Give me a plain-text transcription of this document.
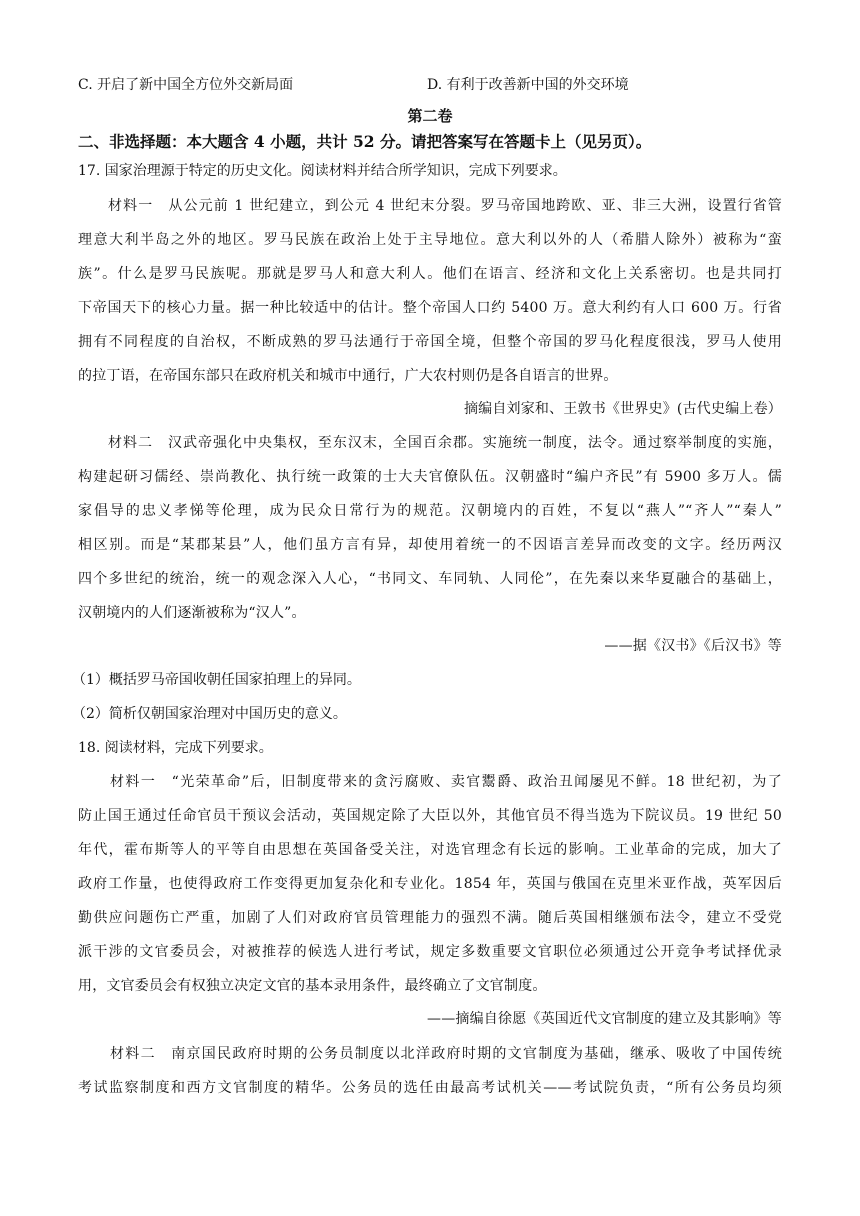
C. 开启了新中国全方位外交新局面	D. 有利于改善新中国的外交环境
第二卷
二、非选择题：本大题含 4 小题，共计 52 分。请把答案写在答题卡上（见另页）。
17. 国家治理源于特定的历史文化。阅读材料并结合所学知识，完成下列要求。
材料一　从公元前 1 世纪建立，到公元 4 世纪末分裂。罗马帝国地跨欧、亚、非三大洲，设置行省管
理意大利半岛之外的地区。罗马民族在政治上处于主导地位。意大利以外的人（希腊人除外）被称为“蛮
族”。什么是罗马民族呢。那就是罗马人和意大利人。他们在语言、经济和文化上关系密切。也是共同打
下帝国天下的核心力量。据一种比较适中的估计。整个帝国人口约 5400 万。意大利约有人口 600 万。行省
拥有不同程度的自治权，不断成熟的罗马法通行于帝国全境，但整个帝国的罗马化程度很浅，罗马人使用
的拉丁语，在帝国东部只在政府机关和城市中通行，广大农村则仍是各自语言的世界。
摘编自刘家和、王敦书《世界史》(古代史编上卷）
材料二　汉武帝强化中央集权，至东汉末，全国百余郡。实施统一制度，法令。通过察举制度的实施，
构建起研习儒经、崇尚教化、执行统一政策的士大夫官僚队伍。汉朝盛时“编户齐民”有 5900 多万人。儒
家倡导的忠义孝悌等伦理，成为民众日常行为的规范。汉朝境内的百姓，不复以“燕人”“齐人”“秦人”
相区别。而是“某郡某县”人，他们虽方言有异，却使用着统一的不因语言差异而改变的文字。经历两汉
四个多世纪的统治，统一的观念深入人心，“书同文、车同轨、人同伦”，在先秦以来华夏融合的基础上，
汉朝境内的人们逐渐被称为“汉人”。
——据《汉书》《后汉书》等
（1）概括罗马帝国收朝任国家拍理上的异同。
（2）简析仅朝国家治理对中国历史的意义。
18. 阅读材料，完成下列要求。
材料一　“光荣革命”后，旧制度带来的贪污腐败、卖官鬻爵、政治丑闻屡见不鲜。18 世纪初，为了
防止国王通过任命官员干预议会活动，英国规定除了大臣以外，其他官员不得当选为下院议员。19 世纪 50
年代，霍布斯等人的平等自由思想在英国备受关注，对选官理念有长远的影响。工业革命的完成，加大了
政府工作量，也使得政府工作变得更加复杂化和专业化。1854 年，英国与俄国在克里米亚作战，英军因后
勤供应问题伤亡严重，加剧了人们对政府官员管理能力的强烈不满。随后英国相继颁布法令，建立不受党
派干涉的文官委员会，对被推荐的候选人进行考试，规定多数重要文官职位必须通过公开竞争考试择优录
用，文官委员会有权独立决定文官的基本录用条件，最终确立了文官制度。
——摘编自徐愿《英国近代文官制度的建立及其影响》等
材料二　南京国民政府时期的公务员制度以北洋政府时期的文官制度为基础，继承、吸收了中国传统
考试监察制度和西方文官制度的精华。公务员的选任由最高考试机关——考试院负责，“所有公务员均须
